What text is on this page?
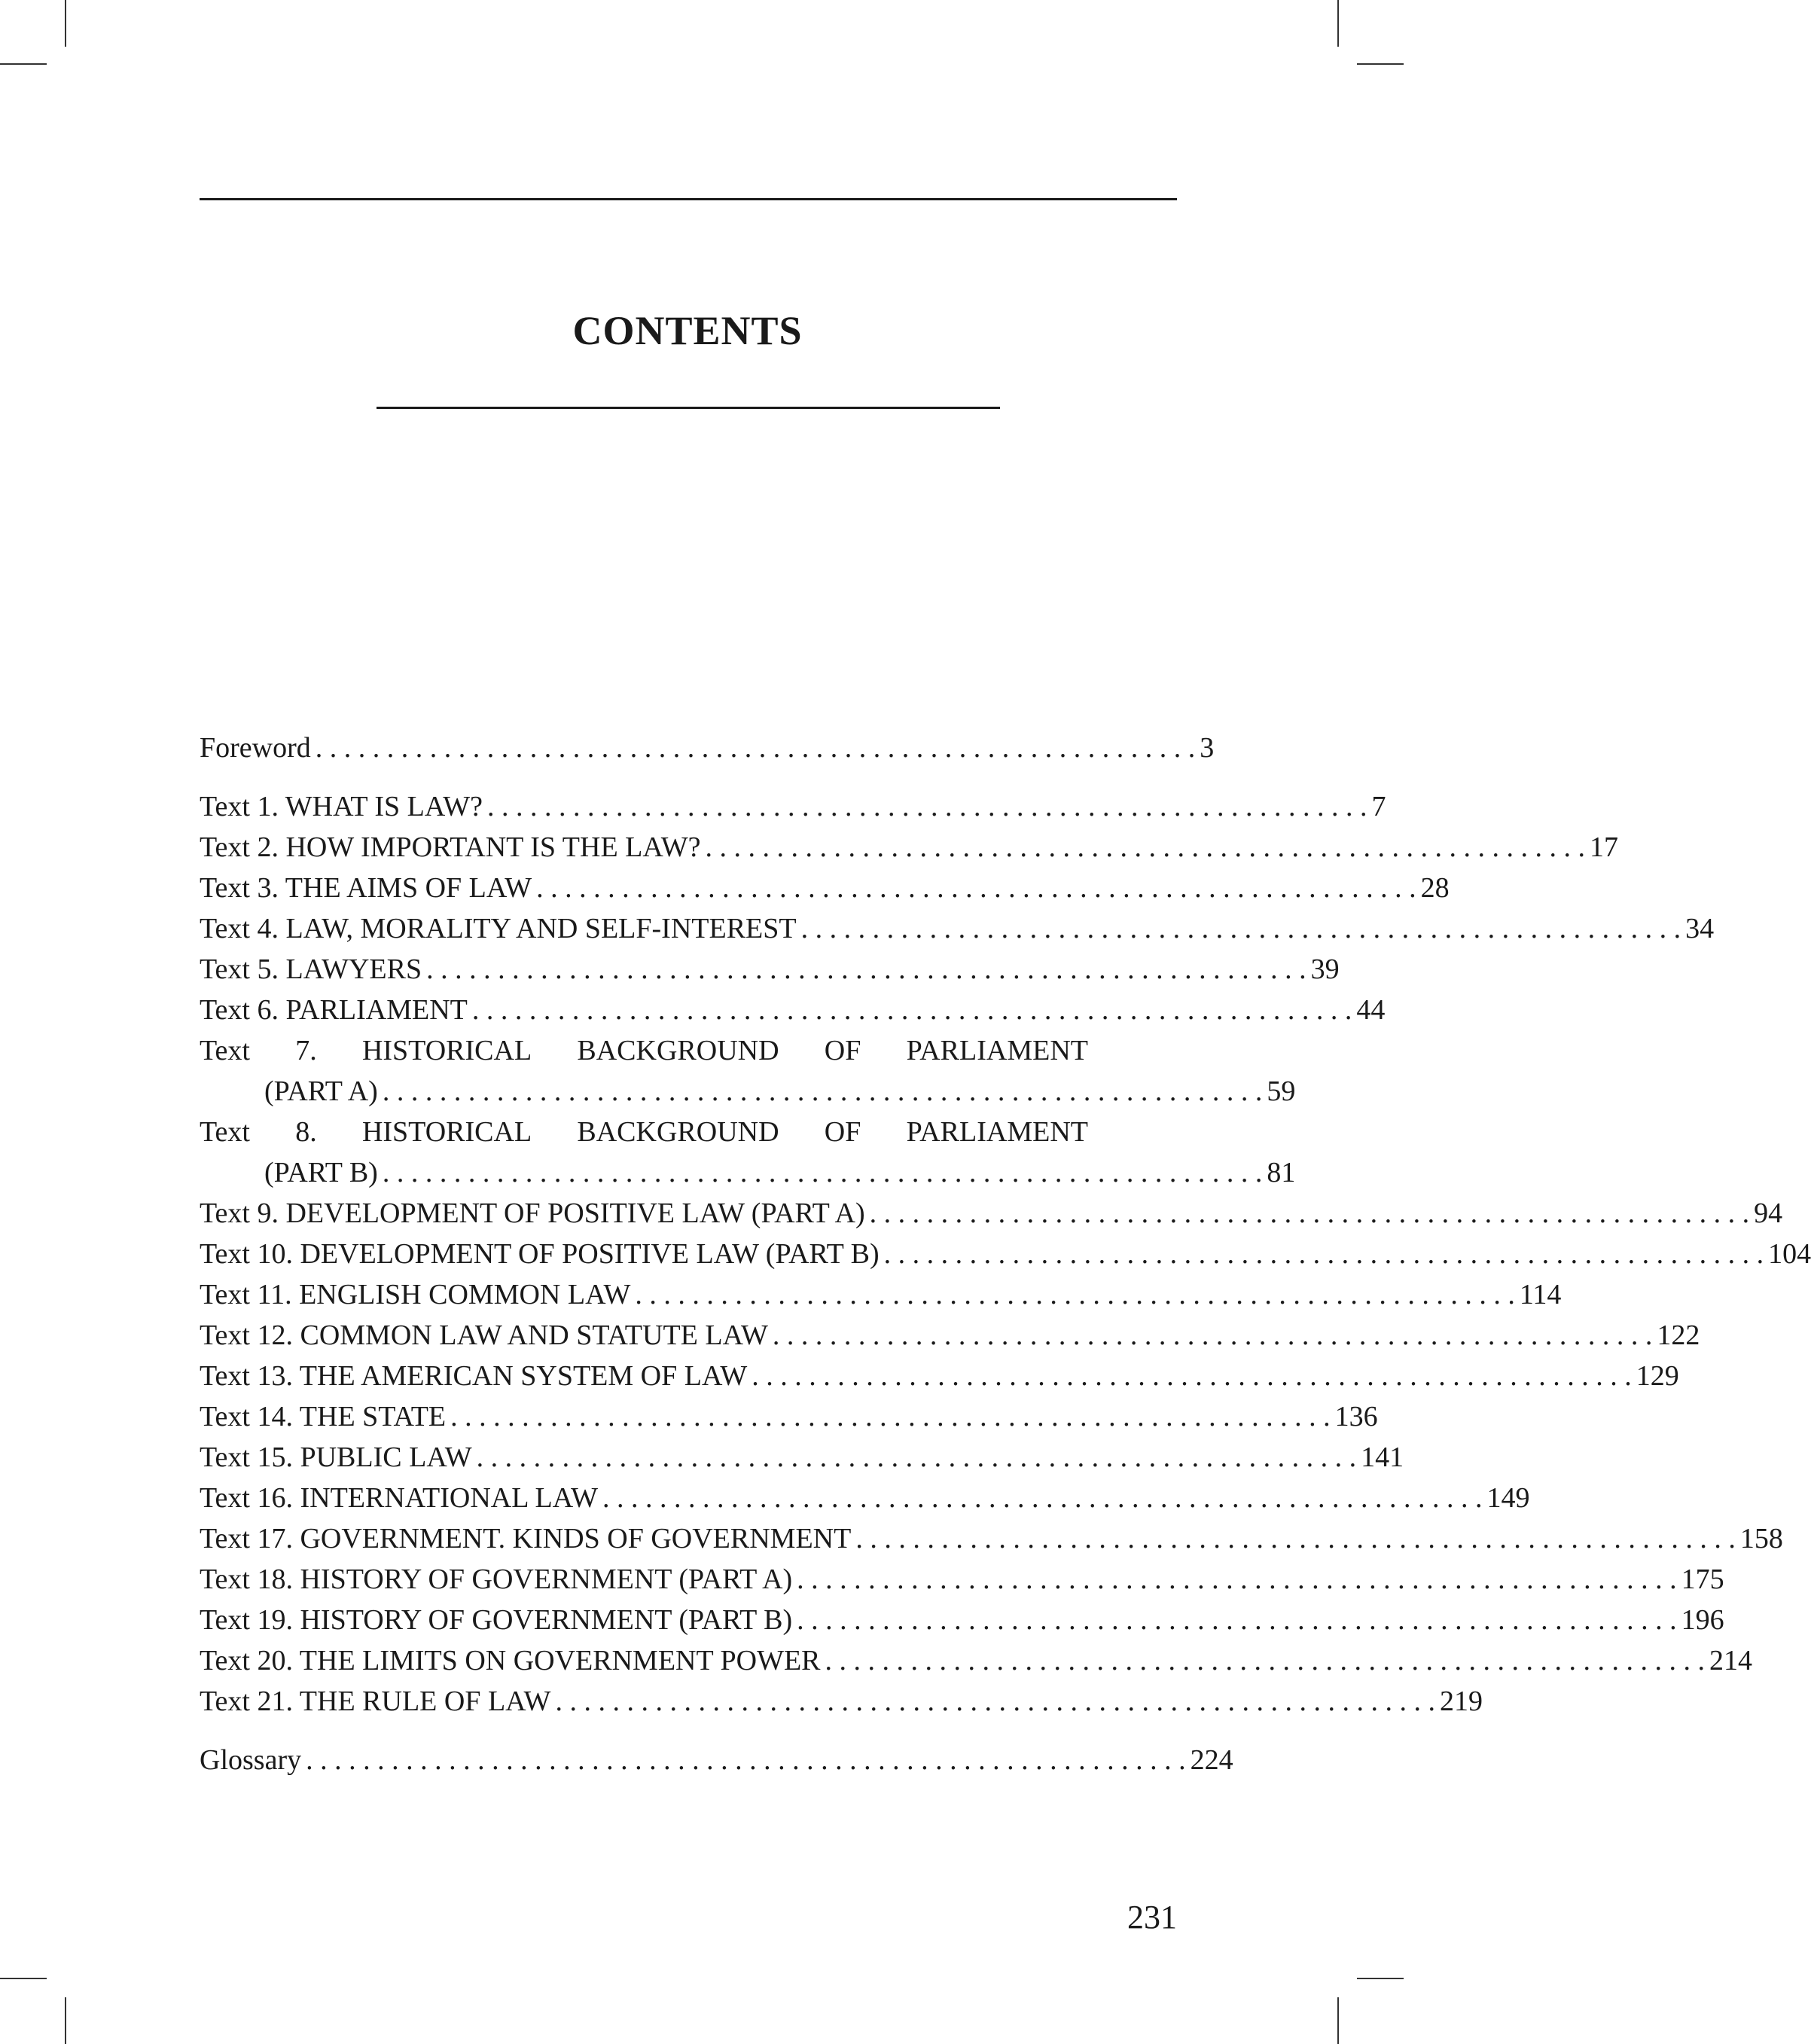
CONTENTS
Foreword . . . . . . . . . . . . . . . . . . . . . . . . . . . . . . . . . . . . . . . . . . . . . . . . . . . . . . . . . . . . . . 3
Text 1. WHAT IS LAW? . . . . . . . . . . . . . . . . . . . . . . . . . . . . . . . . . . . . . . . . . . . . . . . . . . . . . . . . . . . . . . 7
Text 2. HOW IMPORTANT IS THE LAW? . . . . . . . . . . . . . . . . . . . . . . . . . . . . . . . . . . . . . . . . . . . . . . . . . . . . . . . . . . . . . . 17
Text 3. THE AIMS OF LAW . . . . . . . . . . . . . . . . . . . . . . . . . . . . . . . . . . . . . . . . . . . . . . . . . . . . . . . . . . . . . . 28
Text 4. LAW, MORALITY AND SELF-INTEREST . . . . . . . . . . . . . . . . . . . . . . . . . . . . . . . . . . . . . . . . . . . . . . . . . . . . . . . . . . . . . . 34
Text 5. LAWYERS . . . . . . . . . . . . . . . . . . . . . . . . . . . . . . . . . . . . . . . . . . . . . . . . . . . . . . . . . . . . . . 39
Text 6. PARLIAMENT . . . . . . . . . . . . . . . . . . . . . . . . . . . . . . . . . . . . . . . . . . . . . . . . . . . . . . . . . . . . . . 44
Text 7. HISTORICAL BACKGROUND OF PARLIAMENT
(PART A) . . . . . . . . . . . . . . . . . . . . . . . . . . . . . . . . . . . . . . . . . . . . . . . . . . . . . . . . . . . . . . 59
Text 8. HISTORICAL BACKGROUND OF PARLIAMENT
(PART B) . . . . . . . . . . . . . . . . . . . . . . . . . . . . . . . . . . . . . . . . . . . . . . . . . . . . . . . . . . . . . . 81
Text 9. DEVELOPMENT OF POSITIVE LAW (PART A) . . . . . . . . . . . . . . . . . . . . . . . . . . . . . . . . . . . . . . . . . . . . . . . . . . . . . . . . . . . . . . 94
Text 10. DEVELOPMENT OF POSITIVE LAW (PART B) . . . . . . . . . . . . . . . . . . . . . . . . . . . . . . . . . . . . . . . . . . . . . . . . . . . . . . . . . . . . . . 104
Text 11. ENGLISH COMMON LAW . . . . . . . . . . . . . . . . . . . . . . . . . . . . . . . . . . . . . . . . . . . . . . . . . . . . . . . . . . . . . . 114
Text 12. COMMON LAW AND STATUTE LAW . . . . . . . . . . . . . . . . . . . . . . . . . . . . . . . . . . . . . . . . . . . . . . . . . . . . . . . . . . . . . . 122
Text 13. THE AMERICAN SYSTEM OF LAW . . . . . . . . . . . . . . . . . . . . . . . . . . . . . . . . . . . . . . . . . . . . . . . . . . . . . . . . . . . . . . 129
Text 14. THE STATE . . . . . . . . . . . . . . . . . . . . . . . . . . . . . . . . . . . . . . . . . . . . . . . . . . . . . . . . . . . . . . 136
Text 15. PUBLIC LAW . . . . . . . . . . . . . . . . . . . . . . . . . . . . . . . . . . . . . . . . . . . . . . . . . . . . . . . . . . . . . . 141
Text 16. INTERNATIONAL LAW . . . . . . . . . . . . . . . . . . . . . . . . . . . . . . . . . . . . . . . . . . . . . . . . . . . . . . . . . . . . . . 149
Text 17. GOVERNMENT. KINDS OF GOVERNMENT . . . . . . . . . . . . . . . . . . . . . . . . . . . . . . . . . . . . . . . . . . . . . . . . . . . . . . . . . . . . . . 158
Text 18. HISTORY OF GOVERNMENT (PART A) . . . . . . . . . . . . . . . . . . . . . . . . . . . . . . . . . . . . . . . . . . . . . . . . . . . . . . . . . . . . . . 175
Text 19. HISTORY OF GOVERNMENT (PART B) . . . . . . . . . . . . . . . . . . . . . . . . . . . . . . . . . . . . . . . . . . . . . . . . . . . . . . . . . . . . . . 196
Text 20. THE LIMITS ON GOVERNMENT POWER . . . . . . . . . . . . . . . . . . . . . . . . . . . . . . . . . . . . . . . . . . . . . . . . . . . . . . . . . . . . . . 214
Text 21. THE RULE OF LAW . . . . . . . . . . . . . . . . . . . . . . . . . . . . . . . . . . . . . . . . . . . . . . . . . . . . . . . . . . . . . . 219
Glossary . . . . . . . . . . . . . . . . . . . . . . . . . . . . . . . . . . . . . . . . . . . . . . . . . . . . . . . . . . . . . . 224
231
